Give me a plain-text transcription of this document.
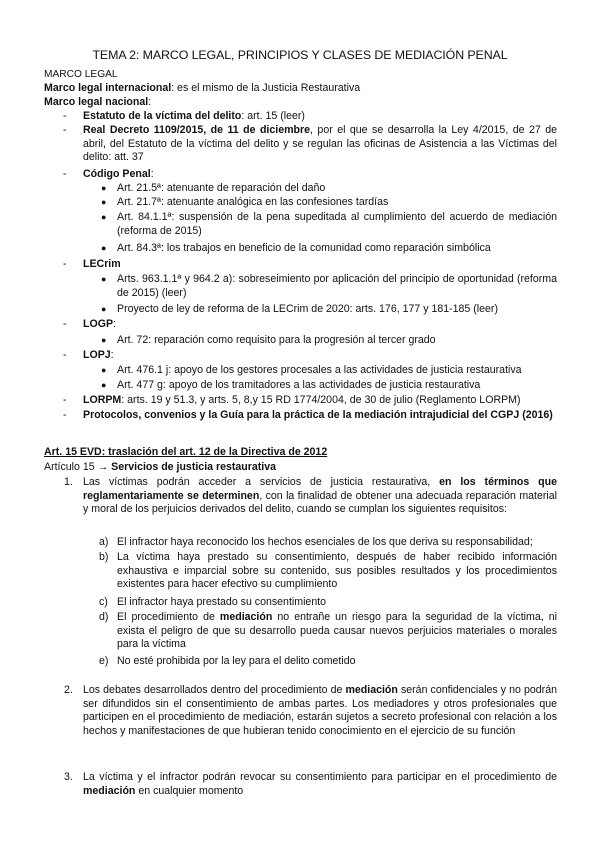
TEMA 2: MARCO LEGAL, PRINCIPIOS Y CLASES DE MEDIACIÓN PENAL
MARCO LEGAL
Marco legal internacional: es el mismo de la Justicia Restaurativa
Marco legal nacional:
-	Estatuto de la víctima del delito: art. 15 (leer)
-	Real Decreto 1109/2015, de 11 de diciembre, por el que se desarrolla la Ley 4/2015, de 27 de abril, del Estatuto de la víctima del delito y se regulan las oficinas de Asistencia a las Víctimas del delito: att. 37
-	Código Penal:
● Art. 21.5ª: atenuante de reparación del daño
● Art. 21.7ª: atenuante analógica en las confesiones tardías
● Art. 84.1.1ª: suspensión de la pena supeditada al cumplimiento del acuerdo de mediación (reforma de 2015)
● Art. 84.3ª: los trabajos en beneficio de la comunidad como reparación simbólica
-	LECrim
● Arts. 963.1.1ª y 964.2 a): sobreseimiento por aplicación del principio de oportunidad (reforma de 2015) (leer)
● Proyecto de ley de reforma de la LECrim de 2020: arts. 176, 177 y 181-185 (leer)
-	LOGP:
● Art. 72: reparación como requisito para la progresión al tercer grado
-	LOPJ:
● Art. 476.1 j: apoyo de los gestores procesales a las actividades de justicia restaurativa
● Art. 477 g: apoyo de los tramitadores a las actividades de justicia restaurativa
-	LORPM: arts. 19 y 51.3, y arts. 5, 8,y 15 RD 1774/2004, de 30 de julio (Reglamento LORPM)
-	Protocolos, convenios y la Guía para la práctica de la mediación intrajudicial del CGPJ (2016)
Art. 15 EVD: traslación del art. 12 de la Directiva de 2012
Artículo 15 → Servicios de justicia restaurativa
1. Las víctimas podrán acceder a servicios de justicia restaurativa, en los términos que reglamentariamente se determinen, con la finalidad de obtener una adecuada reparación material y moral de los perjuicios derivados del delito, cuando se cumplan los siguientes requisitos:
a) El infractor haya reconocido los hechos esenciales de los que deriva su responsabilidad;
b) La víctima haya prestado su consentimiento, después de haber recibido información exhaustiva e imparcial sobre su contenido, sus posibles resultados y los procedimientos existentes para hacer efectivo su cumplimiento
c) El infractor haya prestado su consentimiento
d) El procedimiento de mediación no entrañe un riesgo para la seguridad de la víctima, ni exista el peligro de que su desarrollo pueda causar nuevos perjuicios materiales o morales para la víctima
e) No esté prohibida por la ley para el delito cometido
2. Los debates desarrollados dentro del procedimiento de mediación serán confidenciales y no podrán ser difundidos sin el consentimiento de ambas partes. Los mediadores y otros profesionales que participen en el procedimiento de mediación, estarán sujetos a secreto profesional con relación a los hechos y manifestaciones de que hubieran tenido conocimiento en el ejercicio de su función
3. La víctima y el infractor podrán revocar su consentimiento para participar en el procedimiento de mediación en cualquier momento
